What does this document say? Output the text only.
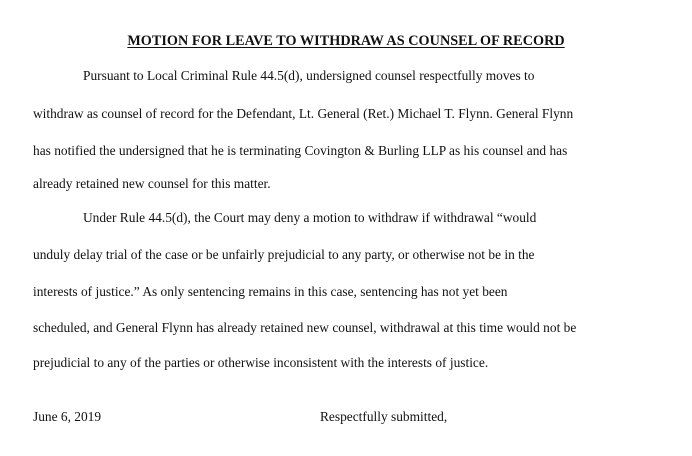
MOTION FOR LEAVE TO WITHDRAW AS COUNSEL OF RECORD
Pursuant to Local Criminal Rule 44.5(d), undersigned counsel respectfully moves to
withdraw as counsel of record for the Defendant, Lt. General (Ret.) Michael T. Flynn. General Flynn
has notified the undersigned that he is terminating Covington & Burling LLP as his counsel and has
already retained new counsel for this matter.
Under Rule 44.5(d), the Court may deny a motion to withdraw if withdrawal “would
unduly delay trial of the case or be unfairly prejudicial to any party, or otherwise not be in the
interests of justice.” As only sentencing remains in this case, sentencing has not yet been
scheduled, and General Flynn has already retained new counsel, withdrawal at this time would not be
prejudicial to any of the parties or otherwise inconsistent with the interests of justice.
June 6, 2019	Respectfully submitted,
